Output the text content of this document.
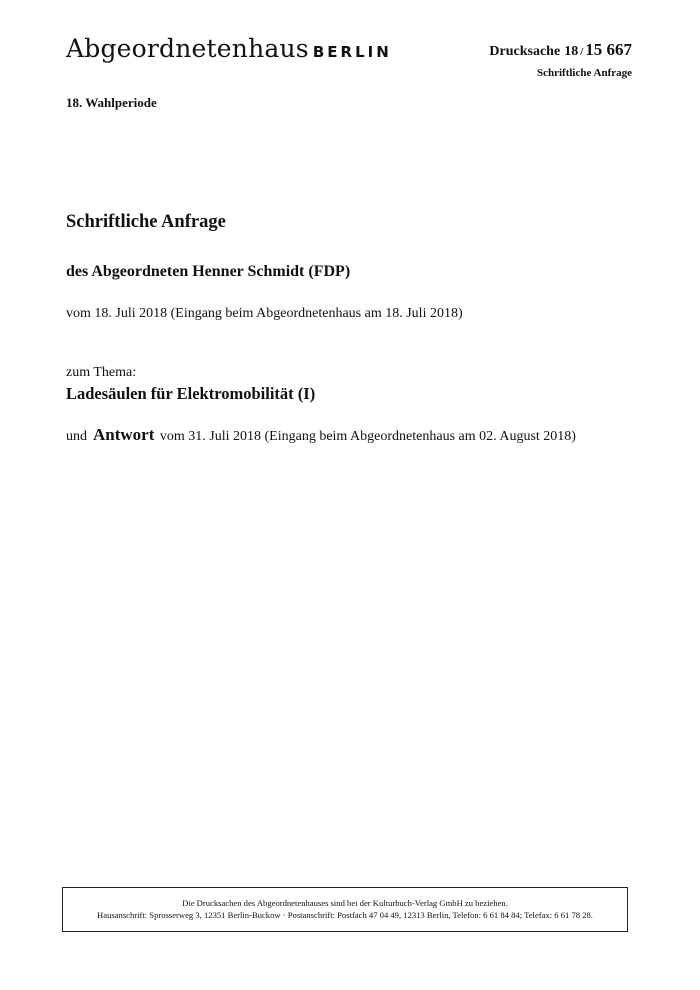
Abgeordnetenhaus BERLIN	Drucksache 18 / 15 667
Schriftliche Anfrage
18. Wahlperiode
Schriftliche Anfrage
des Abgeordneten Henner Schmidt (FDP)
vom 18. Juli 2018 (Eingang beim Abgeordnetenhaus am 18. Juli 2018)
zum Thema:
Ladesäulen für Elektromobilität (I)
und Antwort vom 31. Juli 2018 (Eingang beim Abgeordnetenhaus am 02. August 2018)
Die Drucksachen des Abgeordnetenhauses sind bei der Kulturbuch-Verlag GmbH zu beziehen.
Hausanschrift: Sprosserweg 3, 12351 Berlin-Buckow · Postanschrift: Postfach 47 04 49, 12313 Berlin, Telefon: 6 61 84 84; Telefax: 6 61 78 28.
